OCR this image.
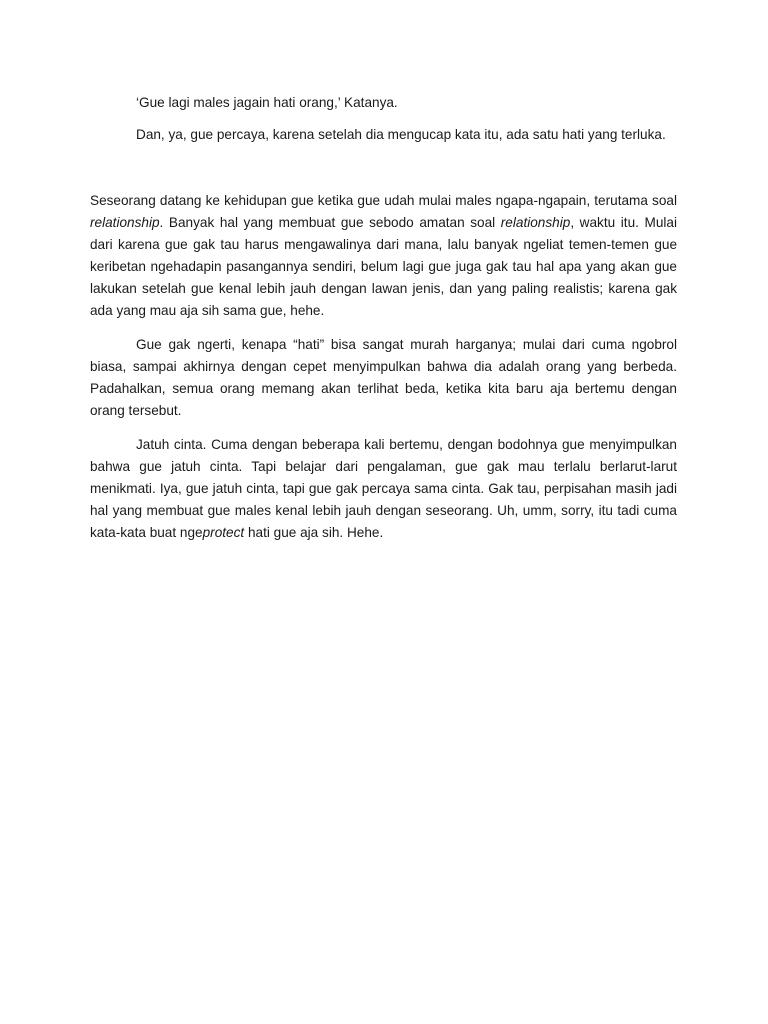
‘Gue lagi males jagain hati orang,’ Katanya.

Dan, ya, gue percaya, karena setelah dia mengucap kata itu, ada satu hati yang terluka.

Seseorang datang ke kehidupan gue ketika gue udah mulai males ngapa-ngapain, terutama soal relationship. Banyak hal yang membuat gue sebodo amatan soal relationship, waktu itu. Mulai dari karena gue gak tau harus mengawalinya dari mana, lalu banyak ngeliat temen-temen gue keribetan ngehadapin pasangannya sendiri, belum lagi gue juga gak tau hal apa yang akan gue lakukan setelah gue kenal lebih jauh dengan lawan jenis, dan yang paling realistis; karena gak ada yang mau aja sih sama gue, hehe.

Gue gak ngerti, kenapa “hati” bisa sangat murah harganya; mulai dari cuma ngobrol biasa, sampai akhirnya dengan cepet menyimpulkan bahwa dia adalah orang yang berbeda. Padahalkan, semua orang memang akan terlihat beda, ketika kita baru aja bertemu dengan orang tersebut.

Jatuh cinta. Cuma dengan beberapa kali bertemu, dengan bodohnya gue menyimpulkan bahwa gue jatuh cinta. Tapi belajar dari pengalaman, gue gak mau terlalu berlarut-larut menikmati. Iya, gue jatuh cinta, tapi gue gak percaya sama cinta. Gak tau, perpisahan masih jadi hal yang membuat gue males kenal lebih jauh dengan seseorang. Uh, umm, sorry, itu tadi cuma kata-kata buat ngeprotect hati gue aja sih. Hehe.
